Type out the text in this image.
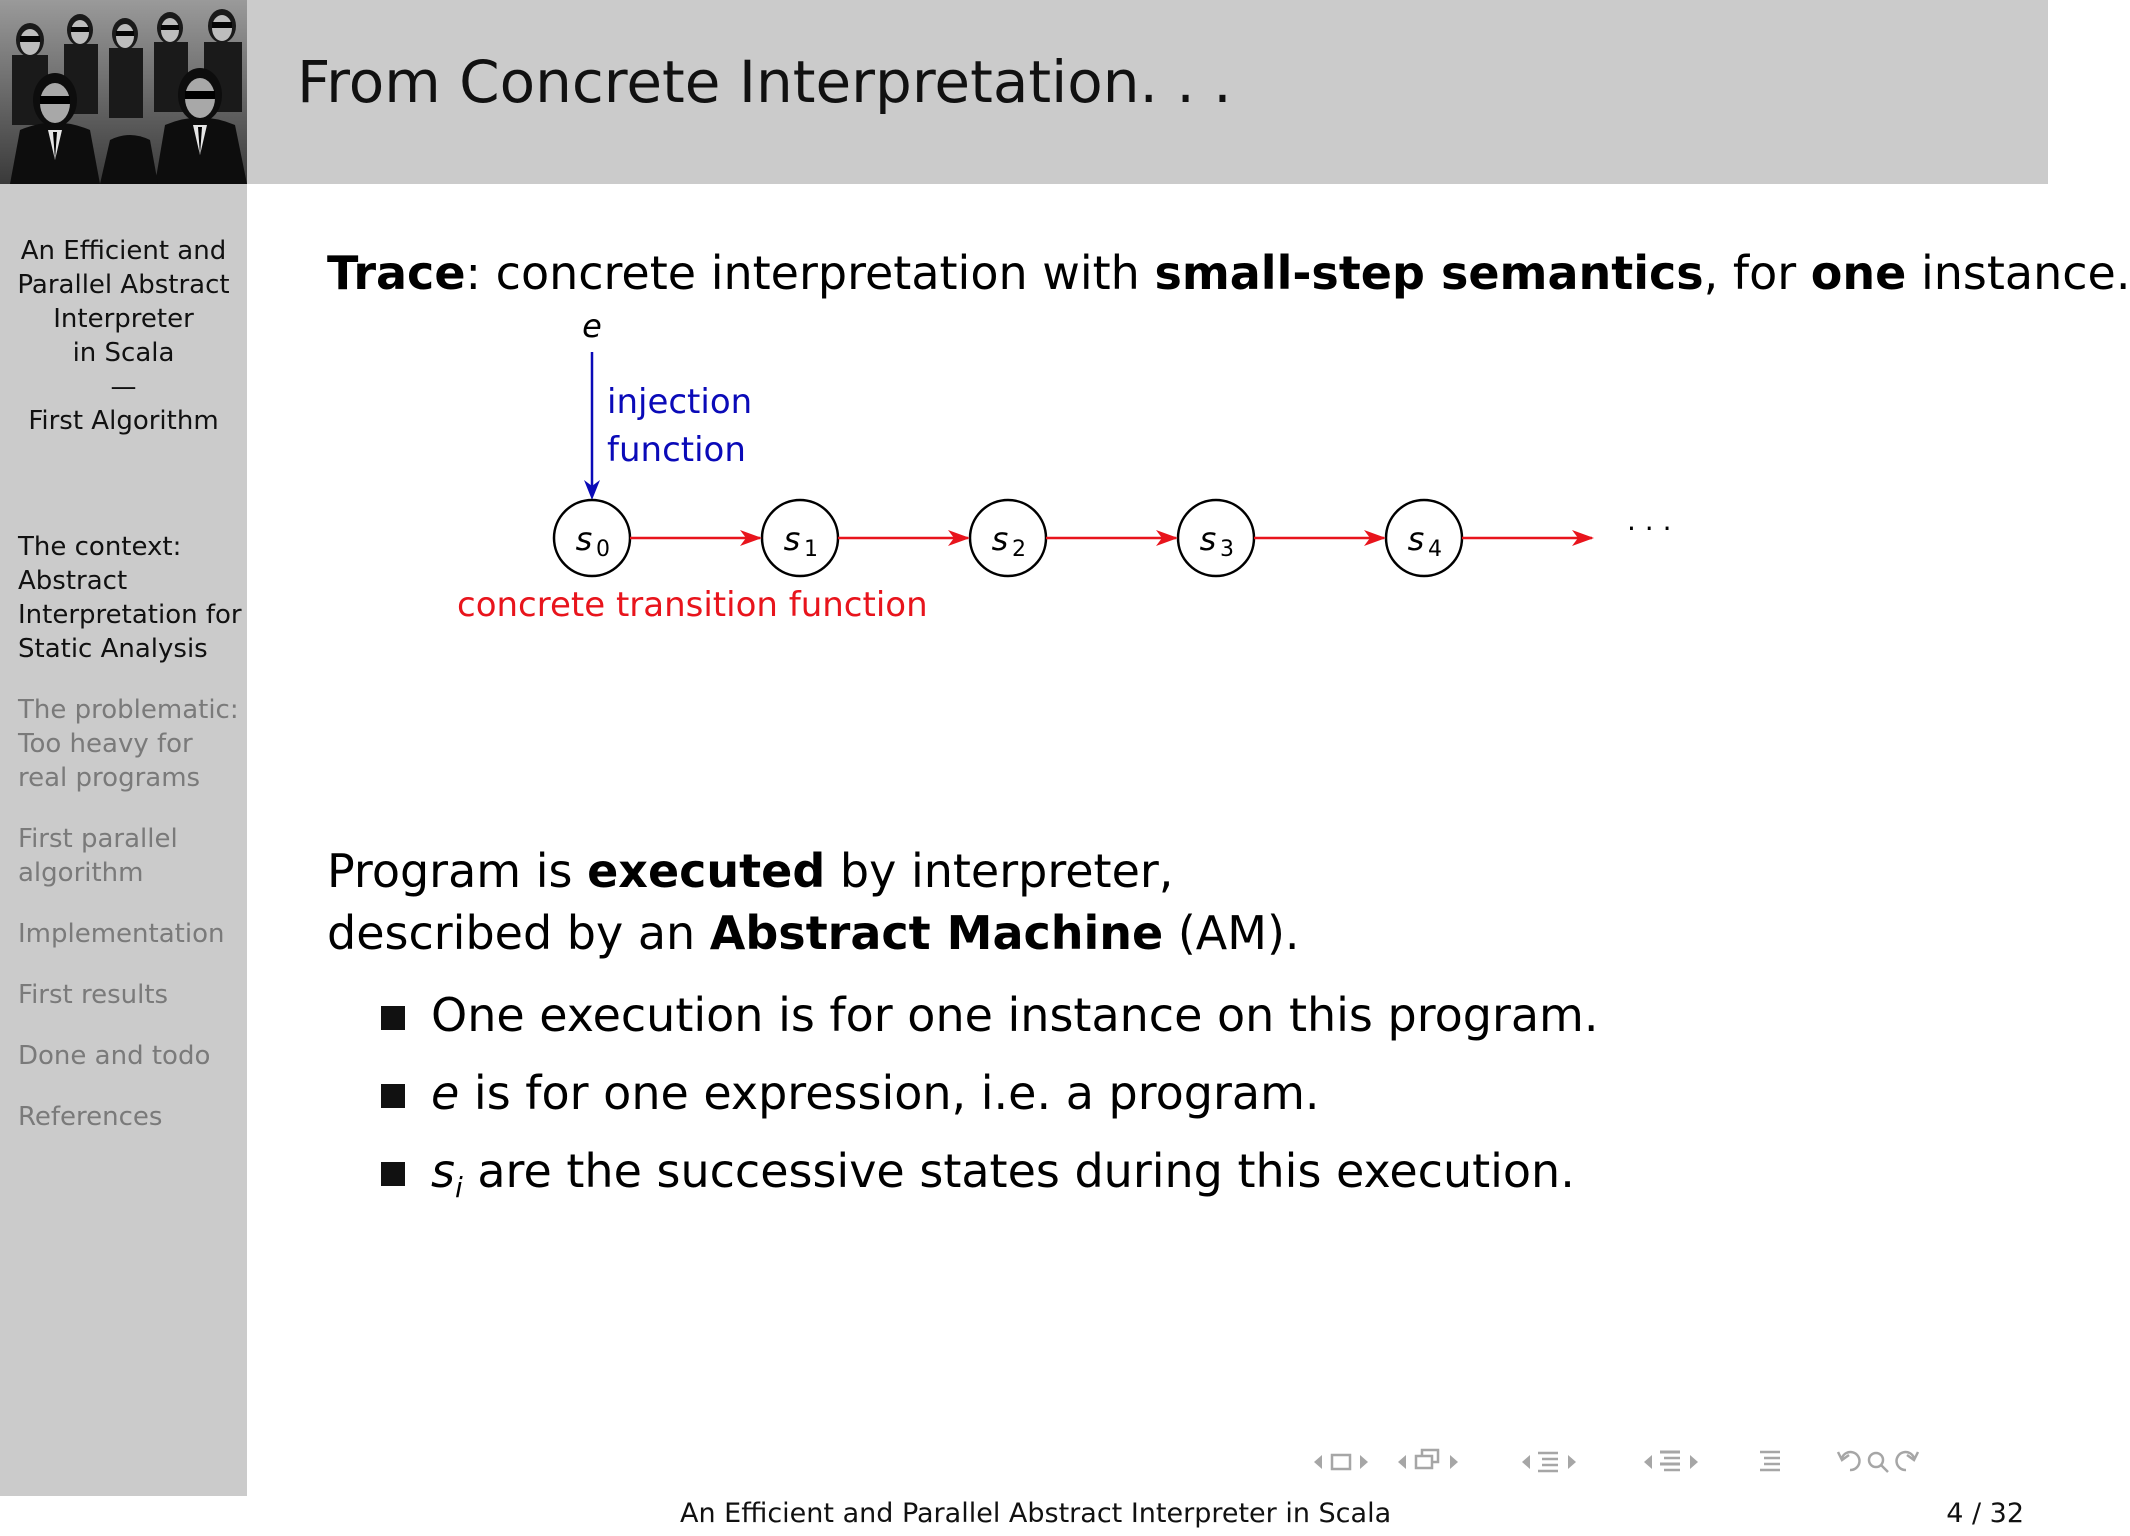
From Concrete Interpretation. . .
An Efficient and
Parallel Abstract
Interpreter
in Scala
—
First Algorithm
The context:
Abstract
Interpretation for
Static Analysis
The problematic:
Too heavy for
real programs
First parallel
algorithm
Implementation
First results
Done and todo
References
Trace: concrete interpretation with small-step semantics, for one instance.
e
injection
function
s 0	s 1	s 2	s 3	s 4
· · ·
concrete transition function
Program is executed by interpreter,
described by an Abstract Machine (AM).
One execution is for one instance on this program.
e is for one expression, i.e. a program.
$s_i$ are the successive states during this execution.
An Efficient and Parallel Abstract Interpreter in Scala	4 / 32
